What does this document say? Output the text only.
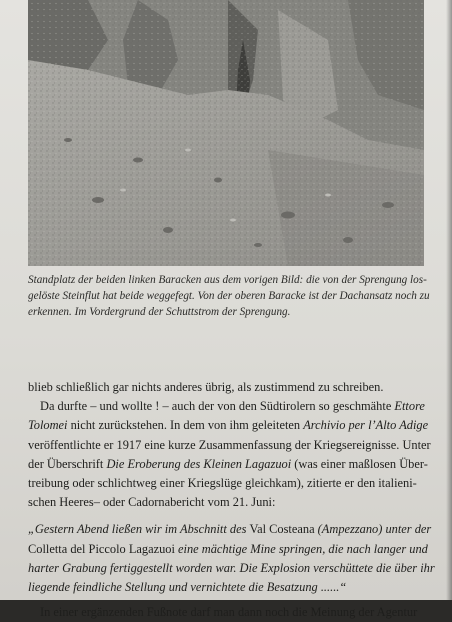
Standplatz der beiden linken Baracken aus dem vorigen Bild: die von der Sprengung los-
gelöste Steinflut hat beide weggefegt. Von der oberen Baracke ist der Dachansatz noch zu
erkennen. Im Vordergrund der Schuttstrom der Sprengung.
blieb schließlich gar nichts anderes übrig, als zustimmend zu schreiben.
Da durfte – und wollte ! – auch der von den Südtirolern so geschmähte Ettore
Tolomei nicht zurückstehen. In dem von ihm geleiteten Archivio per l’Alto Adige
veröffentlichte er 1917 eine kurze Zusammenfassung der Kriegsereignisse. Unter
der Überschrift Die Eroberung des Kleinen Lagazuoi (was einer maßlosen Über-
treibung oder schlichtweg einer Kriegslüge gleichkam), zitierte er den italieni-
schen Heeres– oder Cadornabericht vom 21. Juni:
„Gestern Abend ließen wir im Abschnitt des Val Costeana (Ampezzano) unter der
Colletta del Piccolo Lagazuoi eine mächtige Mine springen, die nach langer und
harter Grabung fertiggestellt worden war. Die Explosion verschüttete die über ihr
liegende feindliche Stellung und vernichtete die Besatzung ......“
In einer ergänzenden Fußnote darf man dann noch die Meinung der Agentur
